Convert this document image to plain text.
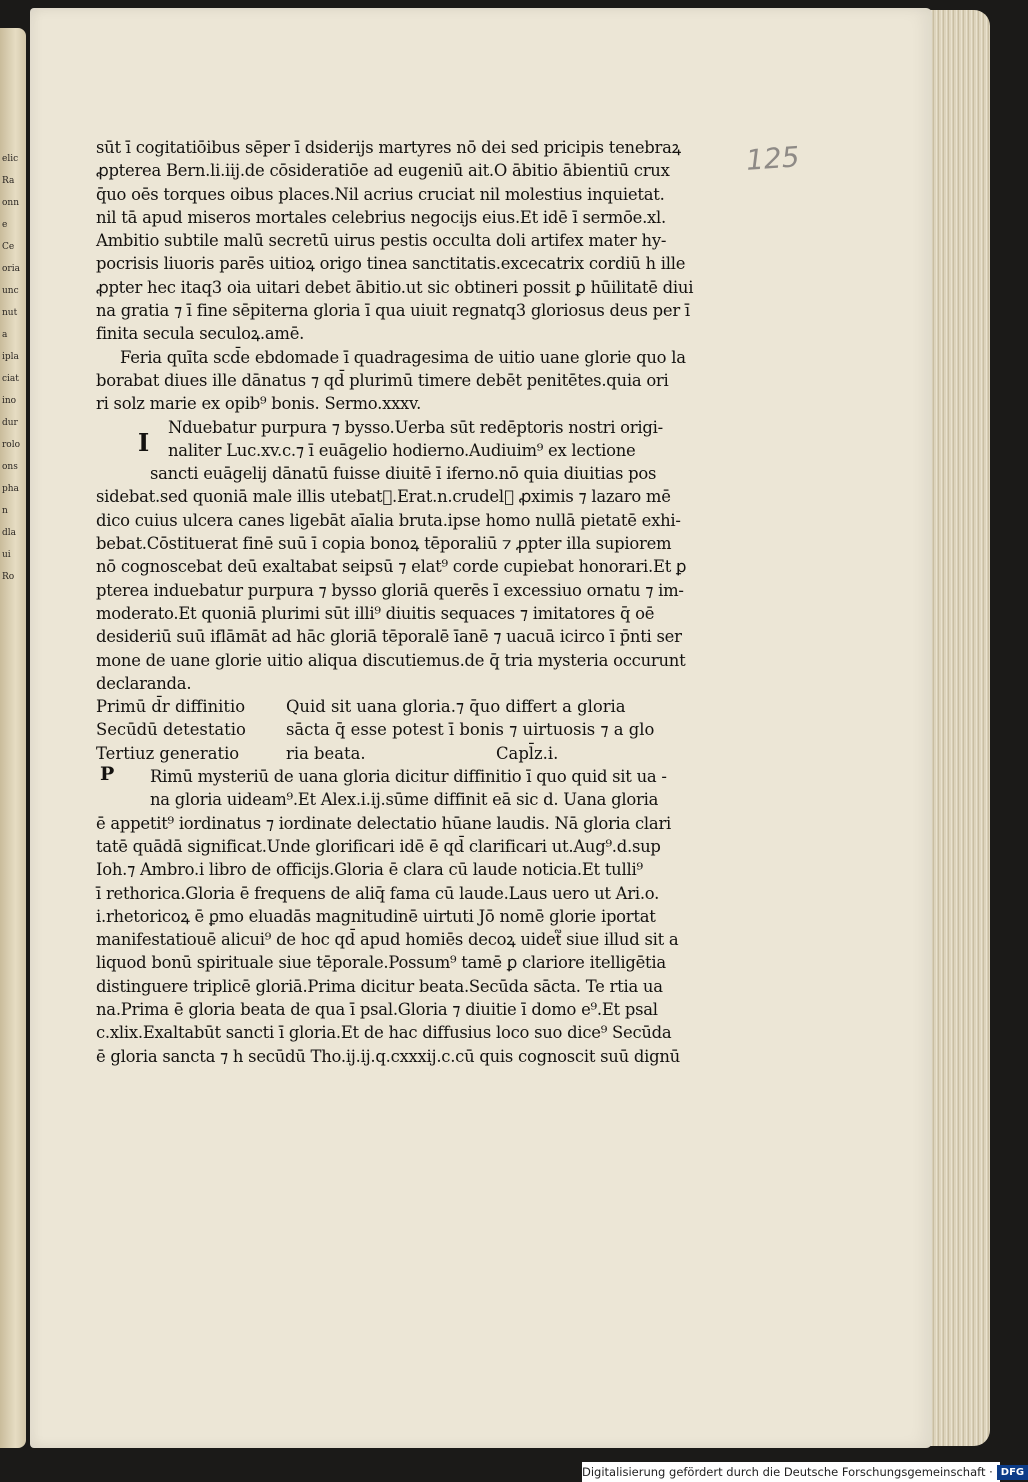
elic
Ra
onne
Ce
oria
unc
nuta
ipla
ciat
ino
dur
rolo
ons
phan
dla
ui
Ro
125
sūt ī cogitatiōibus sēper ī dsiderijs martyres nō dei sed pricipis tenebraꝝ
ꝓpterea Bern.li.iij.de cōsideratiōe ad eugeniū ait.O ābitio ābientiū crux
q̄uo oēs torques oibus places.Nil acrius cruciat nil molestius inquietat.
nil tā apud miseros mortales celebrius negocijs eius.Et idē ī sermōe.xl.
Ambitio subtile malū secretū uirus pestis occulta doli artifex mater hy‑
pocrisis liuoris parēs uitioꝝ origo tinea sanctitatis.excecatrix cordiū h ille
ꝓpter hec itaq3 oia uitari debet ābitio.ut sic obtineri possit ꝑ hūilitatē diui
na gratia ⁊ ī fine sēpiterna gloria ī qua uiuit regnatq3 gloriosus deus per ī
finita secula seculoꝝ.amē.
Feria quīta scd̄e ebdomade ī quadragesima de uitio uane glorie quo la
borabat diues ille dānatus ⁊ qd̄ plurimū timere debēt penitētes.quia ori
ri solz marie ex opib⁹ bonis. Sermo.xxxv.
Nduebatur purpura ⁊ bysso.Uerba sūt redēptoris nostri origi‑
naliter Luc.xv.c.⁊ ī euāgelio hodierno.Audiuim⁹ ex lectione
sancti euāgelij dānatū fuisse diuitē ī iferno.nō quia diuitias pos
sidebat.sed quoniā male illis utebat᷑.Erat.n.crudel᷑ ꝓximis ⁊ lazaro mē
dico cuius ulcera canes ligebāt aīalia bruta.ipse homo nullā pietatē exhi‑
bebat.Cōstituerat finē suū ī copia bonoꝝ tēporaliū ⁊ ꝓpter illa supiorem
nō cognoscebat deū exaltabat seipsū ⁊ elat⁹ corde cupiebat honorari.Et ꝑ
pterea induebatur purpura ⁊ bysso gloriā querēs ī excessiuo ornatu ⁊ im‑
moderato.Et quoniā plurimi sūt illi⁹ diuitis sequaces ⁊ imitatores q̄ oē
desideriū suū iflāmāt ad hāc gloriā tēporalē īanē ⁊ uacuā icirco ī p̄nti ser
mone de uane glorie uitio aliqua discutiemus.de q̄ tria mysteria occurunt
declaranda.
Primū d̄r diffinitio Quid sit uana gloria.⁊ q̄uo differt a gloria
Secūdū detestatio sācta q̄ esse potest ī bonis ⁊ uirtuosis ⁊ a glo
Tertiuz generatio	ria beata.	Capl̄z.i.
Rimū mysteriū de uana gloria dicitur diffinitio ī quo quid sit ua ‑
na gloria uideam⁹.Et Alex.i.ij.sūme diffinit eā sic d. Uana gloria
ē appetit⁹ iordinatus ⁊ iordinate delectatio hūane laudis. Nā gloria clari
tatē quādā significat.Unde glorificari idē ē qd̄ clarificari ut.Aug⁹.d.sup
Ioh.⁊ Ambro.i libro de officijs.Gloria ē clara cū laude noticia.Et tulli⁹
ī rethorica.Gloria ē frequens de aliq̄ fama cū laude.Laus uero ut Ari.o.
i.rhetoricoꝝ ē ꝑmo eluadās magnitudinē uirtuti Jō nomē glorie iportat
manifestatiouē alicui⁹ de hoc qd̄ apud homiēs decoꝝ uidet᷑ siue illud sit a
liquod bonū spirituale siue tēporale.Possum⁹ tamē ꝑ clariore itelligētia
distinguere triplicē gloriā.Prima dicitur beata.Secūda sācta. Te rtia ua
na.Prima ē gloria beata de qua ī psal.Gloria ⁊ diuitie ī domo e⁹.Et psal
c.xlix.Exaltabūt sancti ī gloria.Et de hac diffusius loco suo dice⁹ Secūda
ē gloria sancta ⁊ h secūdū Tho.ij.ij.q.cxxxij.c.cū quis cognoscit suū dignū
I
P
Digitalisierung gefördert durch die Deutsche Forschungsgemeinschaft · DFG
